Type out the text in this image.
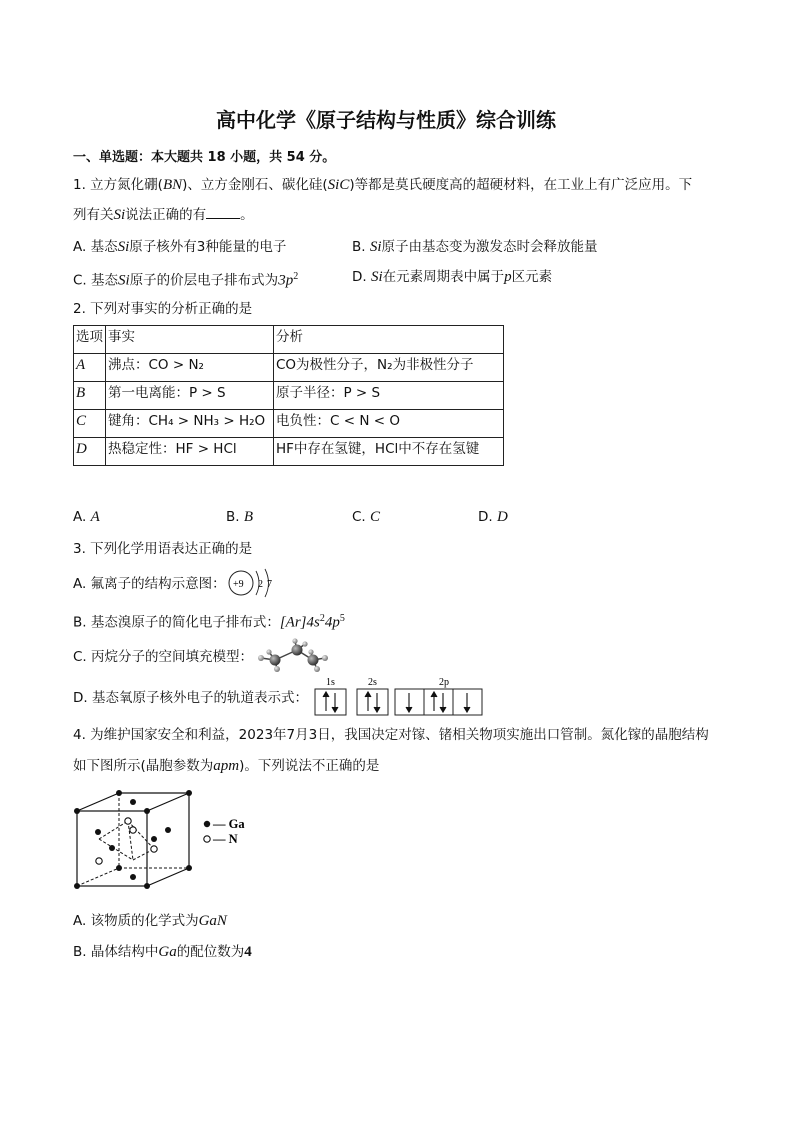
高中化学《原子结构与性质》综合训练
一、单选题：本大题共 18 小题，共 54 分。
1. 立方氮化硼(BN)、立方金刚石、碳化硅(SiC)等都是莫氏硬度高的超硬材料，在工业上有广泛应用。下
列有关Si说法正确的有	。
A. 基态Si原子核外有3种能量的电子	B. Si原子由基态变为激发态时会释放能量
C. 基态Si原子的价层电子排布式为$3p^2$	D. Si在元素周期表中属于p区元素
2. 下列对事实的分析正确的是
选项	事实	分析
A	沸点：CO > N₂	CO为极性分子，N₂为非极性分子
B	第一电离能：P > S	原子半径：P > S
C	键角：CH₄ > NH₃ > H₂O	电负性：C < N < O
D	热稳定性：HF > HCl	HF中存在氢键，HCl中不存在氢键
A. A	B. B	C. C	D. D
3. 下列化学用语表达正确的是
A. 氟离子的结构示意图： +9 2 7
B. 基态溴原子的简化电子排布式：$[Ar]4s^24p^5$
C. 丙烷分子的空间填充模型：
D. 基态氧原子核外电子的轨道表示式：
1s	2s	2p
4. 为维护国家安全和利益，2023年7月3日，我国决定对镓、锗相关物项实施出口管制。氮化镓的晶胞结构
如下图所示(晶胞参数为apm)。下列说法不正确的是
— Ga
— N
A. 该物质的化学式为GaN
B. 晶体结构中Ga的配位数为4
